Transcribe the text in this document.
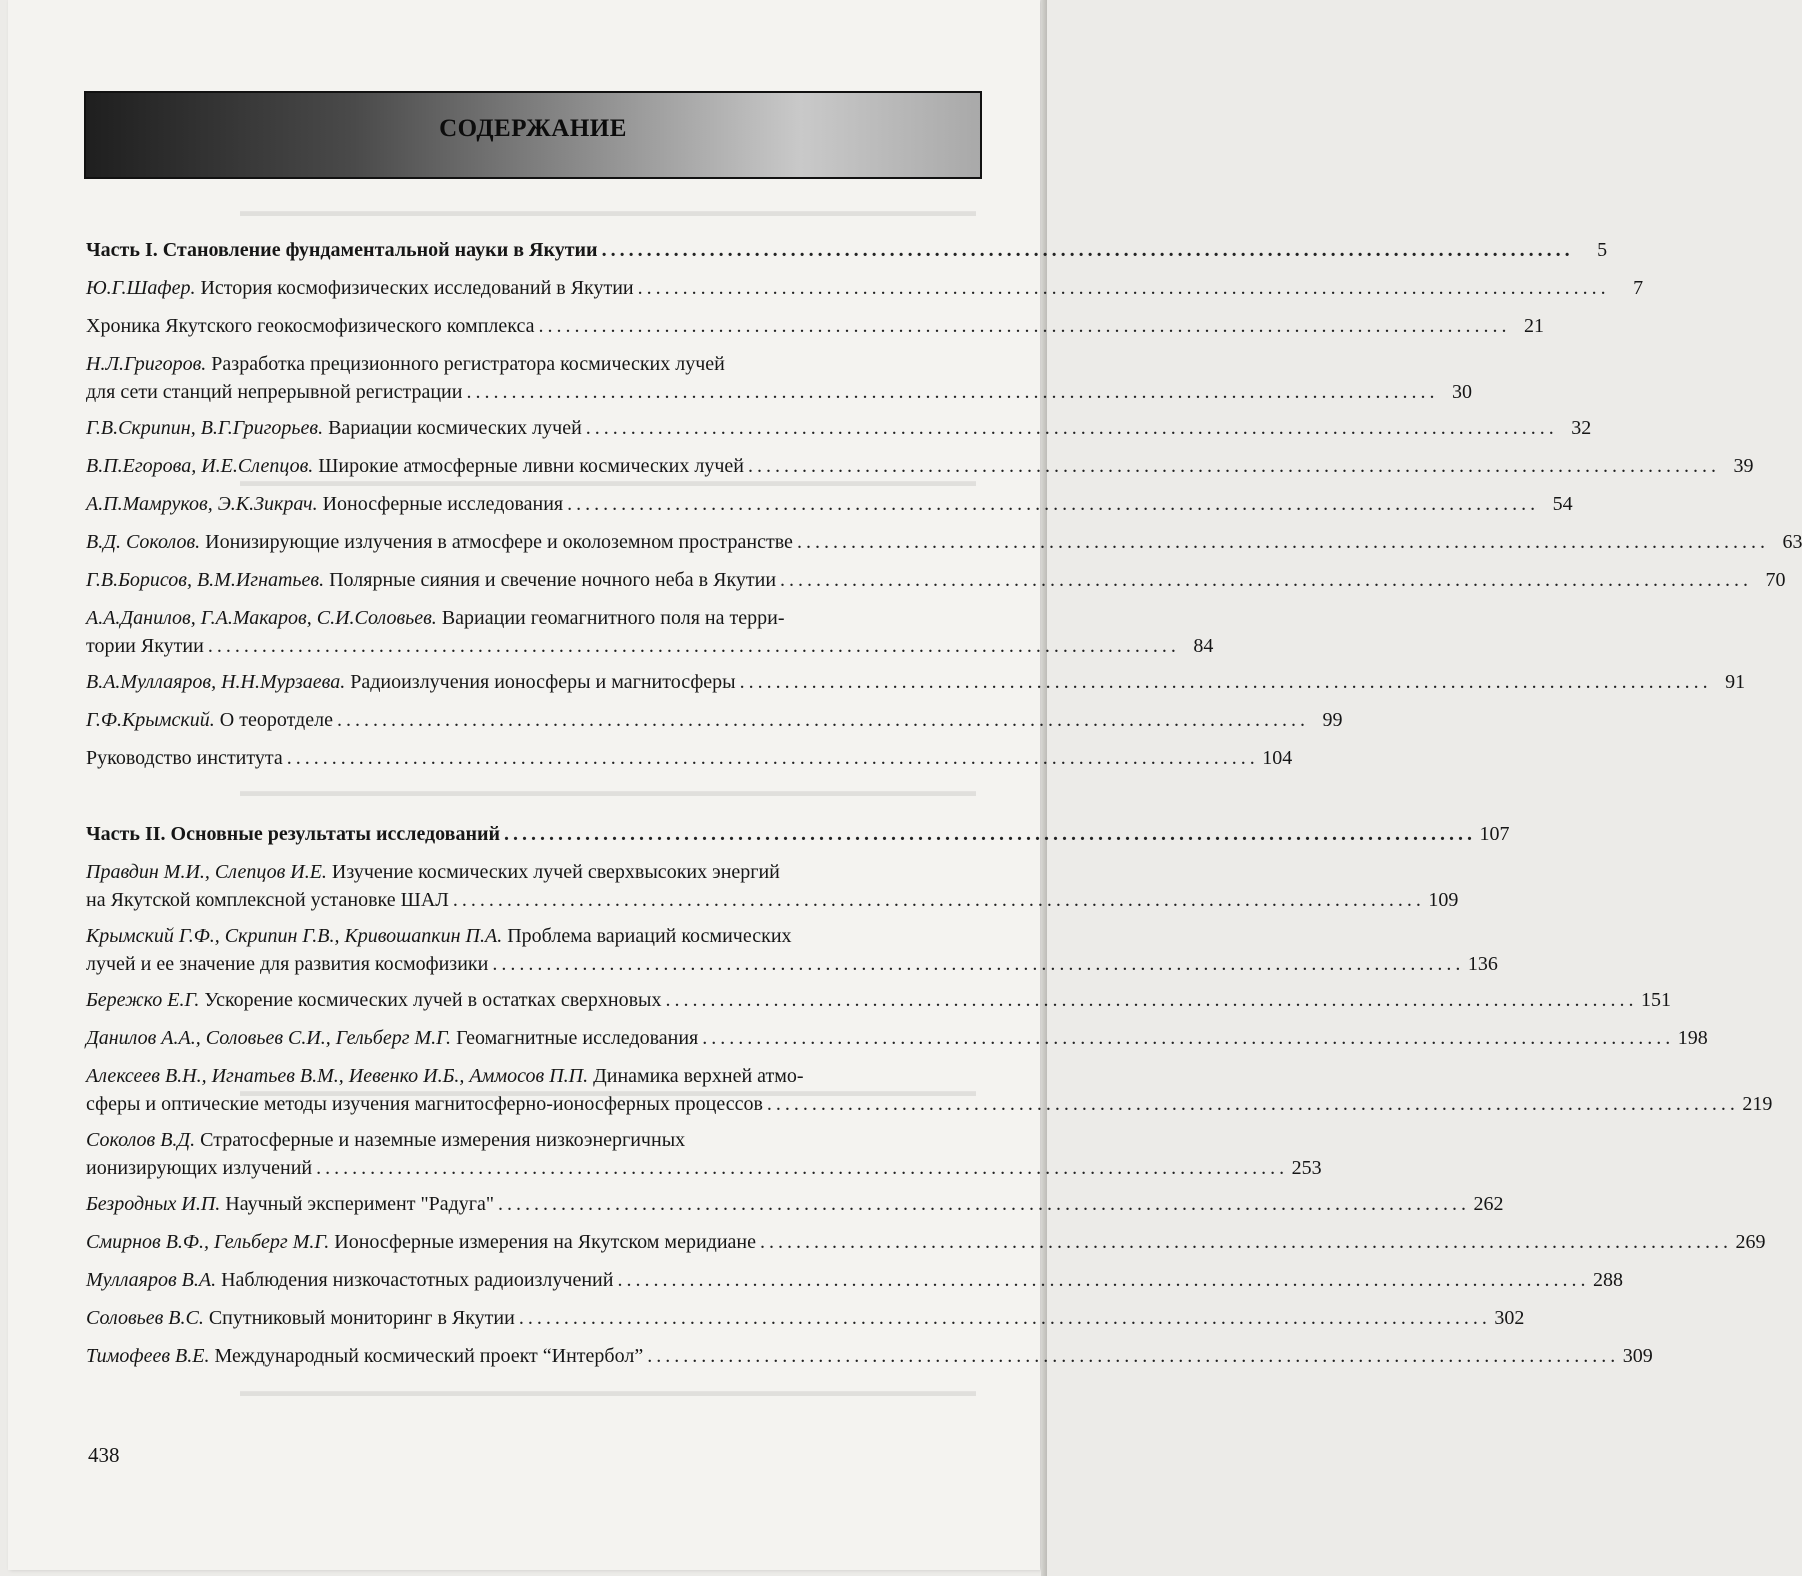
СОДЕРЖАНИЕ
Часть I. Становление фундаментальной науки в Якутии . . .	5
Ю.Г.Шафер. История космофизических исследований в Якутии . . .	7
Хроника Якутского геокосмофизического комплекса . . .	21
Н.Л.Григоров. Разработка прецизионного регистратора космических лучей
для сети станций непрерывной регистрации . . .	30
Г.В.Скрипин, В.Г.Григорьев. Вариации космических лучей . . .	32
В.П.Егорова, И.Е.Слепцов. Широкие атмосферные ливни космических лучей . . .	39
А.П.Мамруков, Э.К.Зикрач. Ионосферные исследования . . .	54
В.Д. Соколов. Ионизирующие излучения в атмосфере и околоземном пространстве . . .	63
Г.В.Борисов, В.М.Игнатьев. Полярные сияния и свечение ночного неба в Якутии . . .	70
А.А.Данилов, Г.А.Макаров, С.И.Соловьев. Вариации геомагнитного поля на терри-
тории Якутии . . .	84
В.А.Муллаяров, Н.Н.Мурзаева. Радиоизлучения ионосферы и магнитосферы . . .	91
Г.Ф.Крымский. О теоротделе . . .	99
Руководство института . . .	104
Часть II. Основные результаты исследований . . .	107
Правдин М.И., Слепцов И.Е. Изучение космических лучей сверхвысоких энергий
на Якутской комплексной установке ШАЛ . . .	109
Крымский Г.Ф., Скрипин Г.В., Кривошапкин П.А. Проблема вариаций космических
лучей и ее значение для развития космофизики . . .	136
Бережко Е.Г. Ускорение космических лучей в остатках сверхновых . . .	151
Данилов А.А., Соловьев С.И., Гельберг М.Г. Геомагнитные исследования . . .	198
Алексеев В.Н., Игнатьев В.М., Иевенко И.Б., Аммосов П.П. Динамика верхней атмо-
сферы и оптические методы изучения магнитосферно-ионосферных процессов . . .	219
Соколов В.Д. Стратосферные и наземные измерения низкоэнергичных
ионизирующих излучений . . .	253
Безродных И.П. Научный эксперимент "Радуга" . . .	262
Смирнов В.Ф., Гельберг М.Г. Ионосферные измерения на Якутском меридиане . . .	269
Муллаяров В.А. Наблюдения низкочастотных радиоизлучений . . .	288
Соловьев В.С. Спутниковый мониторинг в Якутии . . .	302
Тимофеев В.Е. Международный космический проект “Интербол” . . .	309
438
